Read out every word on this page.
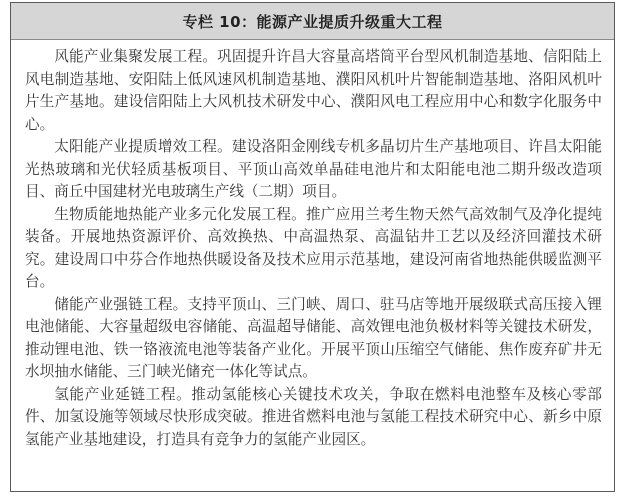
专栏 10：能源产业提质升级重大工程

风能产业集聚发展工程。巩固提升许昌大容量高塔筒平台型风机制造基地、信阳陆上风电制造基地、安阳陆上低风速风机制造基地、濮阳风机叶片智能制造基地、洛阳风机叶片生产基地。建设信阳陆上大风机技术研发中心、濮阳风电工程应用中心和数字化服务中心。

太阳能产业提质增效工程。建设洛阳金刚线专机多晶切片生产基地项目、许昌太阳能光热玻璃和光伏轻质基板项目、平顶山高效单晶硅电池片和太阳能电池二期升级改造项目、商丘中国建材光电玻璃生产线（二期）项目。

生物质能地热能产业多元化发展工程。推广应用兰考生物天然气高效制气及净化提纯装备。开展地热资源评价、高效换热、中高温热泵、高温钻井工艺以及经济回灌技术研究。建设周口中芬合作地热供暖设备及技术应用示范基地，建设河南省地热能供暖监测平台。

储能产业强链工程。支持平顶山、三门峡、周口、驻马店等地开展级联式高压接入锂电池储能、大容量超级电容储能、高温超导储能、高效锂电池负极材料等关键技术研发，推动锂电池、铁一铬液流电池等装备产业化。开展平顶山压缩空气储能、焦作废弃矿井无水坝抽水储能、三门峡光储充一体化等试点。

氢能产业延链工程。推动氢能核心关键技术攻关，争取在燃料电池整车及核心零部件、加氢设施等领域尽快形成突破。推进省燃料电池与氢能工程技术研究中心、新乡中原氢能产业基地建设，打造具有竞争力的氢能产业园区。
